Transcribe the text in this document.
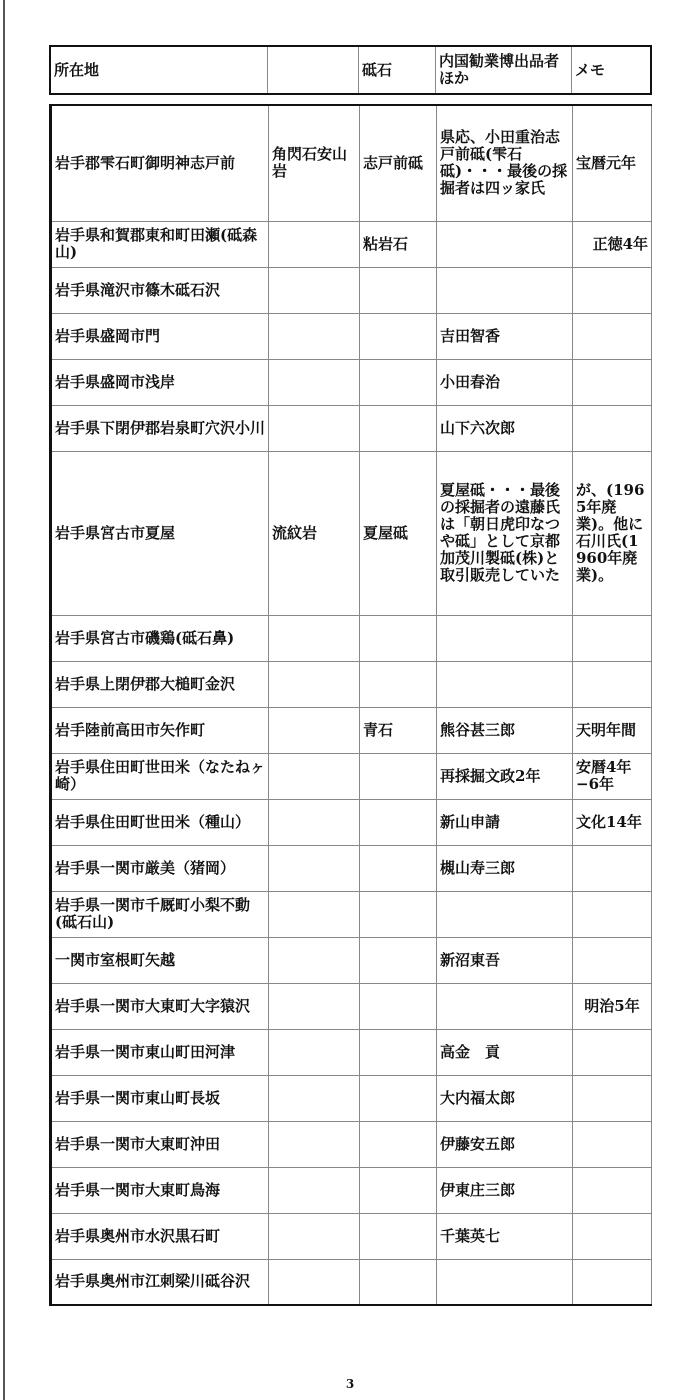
所在地		砥石	内国勧業博出品者ほか	メモ
岩手郡雫石町御明神志戸前	角閃石安山岩	志戸前砥	県応、小田重治志戸前砥(雫石砥)・・・最後の採掘者は四ッ家氏	宝暦元年
岩手県和賀郡東和町田瀬(砥森山)		粘岩石		正徳4年
岩手県滝沢市篠木砥石沢				
岩手県盛岡市門			吉田智香	
岩手県盛岡市浅岸			小田春治	
岩手県下閉伊郡岩泉町穴沢小川			山下六次郎	
岩手県宮古市夏屋	流紋岩	夏屋砥	夏屋砥・・・最後の採掘者の遠藤氏は「朝日虎印なつや砥」として京都加茂川製砥(株)と取引販売していた	が、(1965年廃業)。他に石川氏(1960年廃業)。
岩手県宮古市磯鶏(砥石鼻)				
岩手県上閉伊郡大槌町金沢				
岩手陸前高田市矢作町		青石	熊谷甚三郎	天明年間
岩手県住田町世田米（なたねヶ崎）			再採掘文政2年	安暦4年−6年
岩手県住田町世田米（種山）			新山申請	文化14年
岩手県一関市厳美（猪岡）			槻山寿三郎	
岩手県一関市千厩町小梨不動(砥石山)				
一関市室根町矢越			新沼東吾	
岩手県一関市大東町大字猿沢				明治5年
岩手県一関市東山町田河津			高金　貢	
岩手県一関市東山町長坂			大内福太郎	
岩手県一関市大東町沖田			伊藤安五郎	
岩手県一関市大東町鳥海			伊東庄三郎	
岩手県奥州市水沢黒石町			千葉英七	
岩手県奥州市江刺梁川砥谷沢				
3
